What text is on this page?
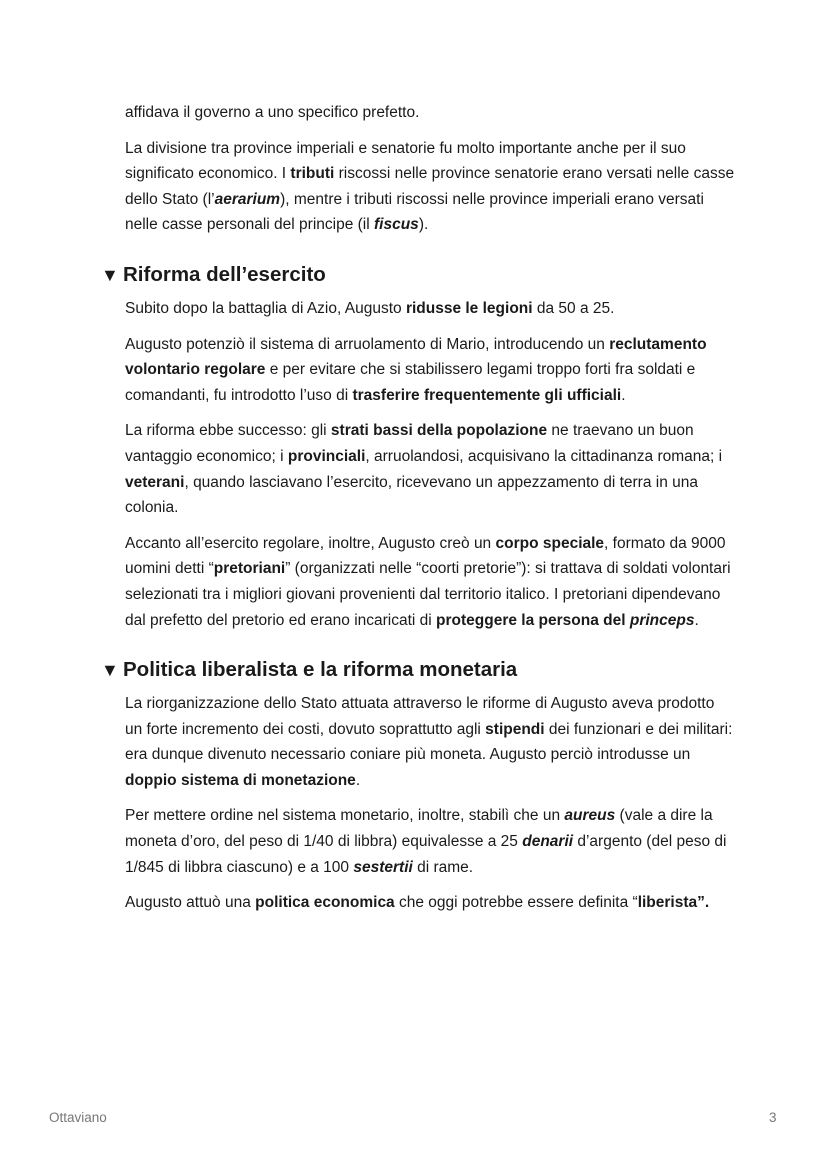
affidava il governo a uno specifico prefetto.

La divisione tra province imperiali e senatorie fu molto importante anche per il suo significato economico. I tributi riscossi nelle province senatorie erano versati nelle casse dello Stato (l’aerarium), mentre i tributi riscossi nelle province imperiali erano versati nelle casse personali del principe (il fiscus).

▼ Riforma dell’esercito

Subito dopo la battaglia di Azio, Augusto ridusse le legioni da 50 a 25.

Augusto potenziò il sistema di arruolamento di Mario, introducendo un reclutamento volontario regolare e per evitare che si stabilissero legami troppo forti fra soldati e comandanti, fu introdotto l’uso di trasferire frequentemente gli ufficiali.

La riforma ebbe successo: gli strati bassi della popolazione ne traevano un buon vantaggio economico; i provinciali, arruolandosi, acquisivano la cittadinanza romana; i veterani, quando lasciavano l’esercito, ricevevano un appezzamento di terra in una colonia.

Accanto all’esercito regolare, inoltre, Augusto creò un corpo speciale, formato da 9000 uomini detti “pretoriani” (organizzati nelle “coorti pretorie”): si trattava di soldati volontari selezionati tra i migliori giovani provenienti dal territorio italico. I pretoriani dipendevano dal prefetto del pretorio ed erano incaricati di proteggere la persona del princeps.

▼ Politica liberalista e la riforma monetaria

La riorganizzazione dello Stato attuata attraverso le riforme di Augusto aveva prodotto un forte incremento dei costi, dovuto soprattutto agli stipendi dei funzionari e dei militari: era dunque divenuto necessario coniare più moneta. Augusto perciò introdusse un doppio sistema di monetazione.

Per mettere ordine nel sistema monetario, inoltre, stabilì che un aureus (vale a dire la moneta d’oro, del peso di 1/40 di libbra) equivalesse a 25 denarii d’argento (del peso di 1/845 di libbra ciascuno) e a 100 sestertii di rame.

Augusto attuò una politica economica che oggi potrebbe essere definita “liberista”.

Ottaviano	3
